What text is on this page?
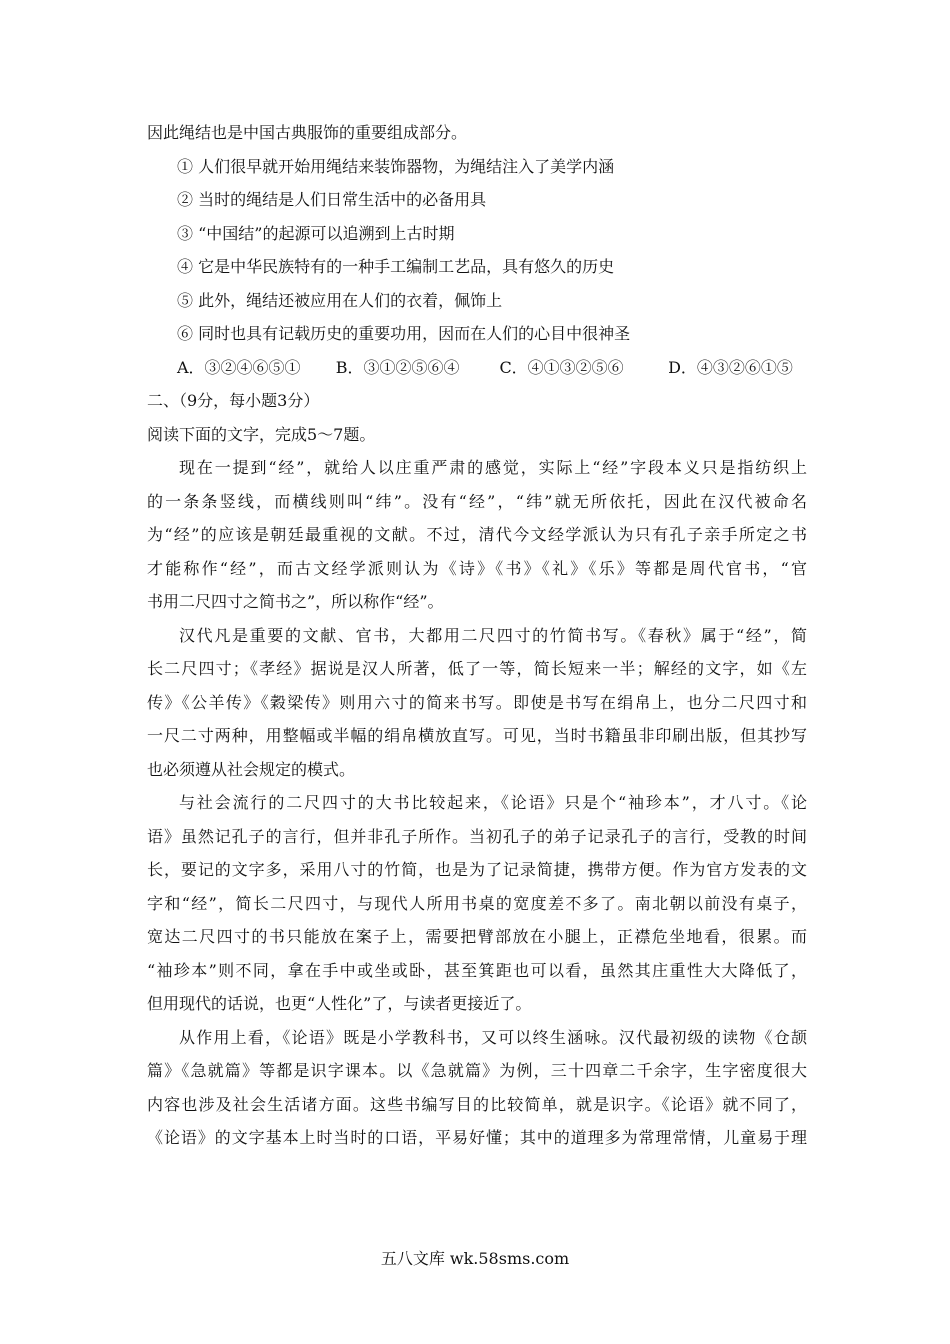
因此绳结也是中国古典服饰的重要组成部分。
① 人们很早就开始用绳结来装饰器物，为绳结注入了美学内涵
② 当时的绳结是人们日常生活中的必备用具
③ “中国结”的起源可以追溯到上古时期
④ 它是中华民族特有的一种手工编制工艺品，具有悠久的历史
⑤ 此外，绳结还被应用在人们的衣着，佩饰上
⑥ 同时也具有记载历史的重要功用，因而在人们的心目中很神圣
A．③②④⑥⑤①	B．③①②⑤⑥④	C．④①③②⑤⑥	D．④③②⑥①⑤
二、（9分，每小题3分）
阅读下面的文字，完成5～7题。
现在一提到“经”，就给人以庄重严肃的感觉，实际上“经”字段本义只是指纺织上
的一条条竖线，而横线则叫“纬”。没有“经”，“纬”就无所依托，因此在汉代被命名
为“经”的应该是朝廷最重视的文献。不过，清代今文经学派认为只有孔子亲手所定之书
才能称作“经”，而古文经学派则认为《诗》《书》《礼》《乐》等都是周代官书，“官
书用二尺四寸之简书之”，所以称作“经”。
汉代凡是重要的文献、官书，大都用二尺四寸的竹简书写。《春秋》属于“经”，简
长二尺四寸；《孝经》据说是汉人所著，低了一等，简长短来一半；解经的文字，如《左
传》《公羊传》《穀梁传》则用六寸的简来书写。即使是书写在绢帛上，也分二尺四寸和
一尺二寸两种，用整幅或半幅的绢帛横放直写。可见，当时书籍虽非印刷出版，但其抄写
也必须遵从社会规定的模式。
与社会流行的二尺四寸的大书比较起来，《论语》只是个“袖珍本”，才八寸。《论
语》虽然记孔子的言行，但并非孔子所作。当初孔子的弟子记录孔子的言行，受教的时间
长，要记的文字多，采用八寸的竹简，也是为了记录简捷，携带方便。作为官方发表的文
字和“经”，简长二尺四寸，与现代人所用书桌的宽度差不多了。南北朝以前没有桌子，
宽达二尺四寸的书只能放在案子上，需要把臂部放在小腿上，正襟危坐地看，很累。而
“袖珍本”则不同，拿在手中或坐或卧，甚至箕距也可以看，虽然其庄重性大大降低了，
但用现代的话说，也更“人性化”了，与读者更接近了。
从作用上看，《论语》既是小学教科书，又可以终生涵咏。汉代最初级的读物《仓颉
篇》《急就篇》等都是识字课本。以《急就篇》为例，三十四章二千余字，生字密度很大
内容也涉及社会生活诸方面。这些书编写目的比较简单，就是识字。《论语》就不同了，
《论语》的文字基本上时当时的口语，平易好懂；其中的道理多为常理常情，儿童易于理
五八文库 wk.58sms.com
